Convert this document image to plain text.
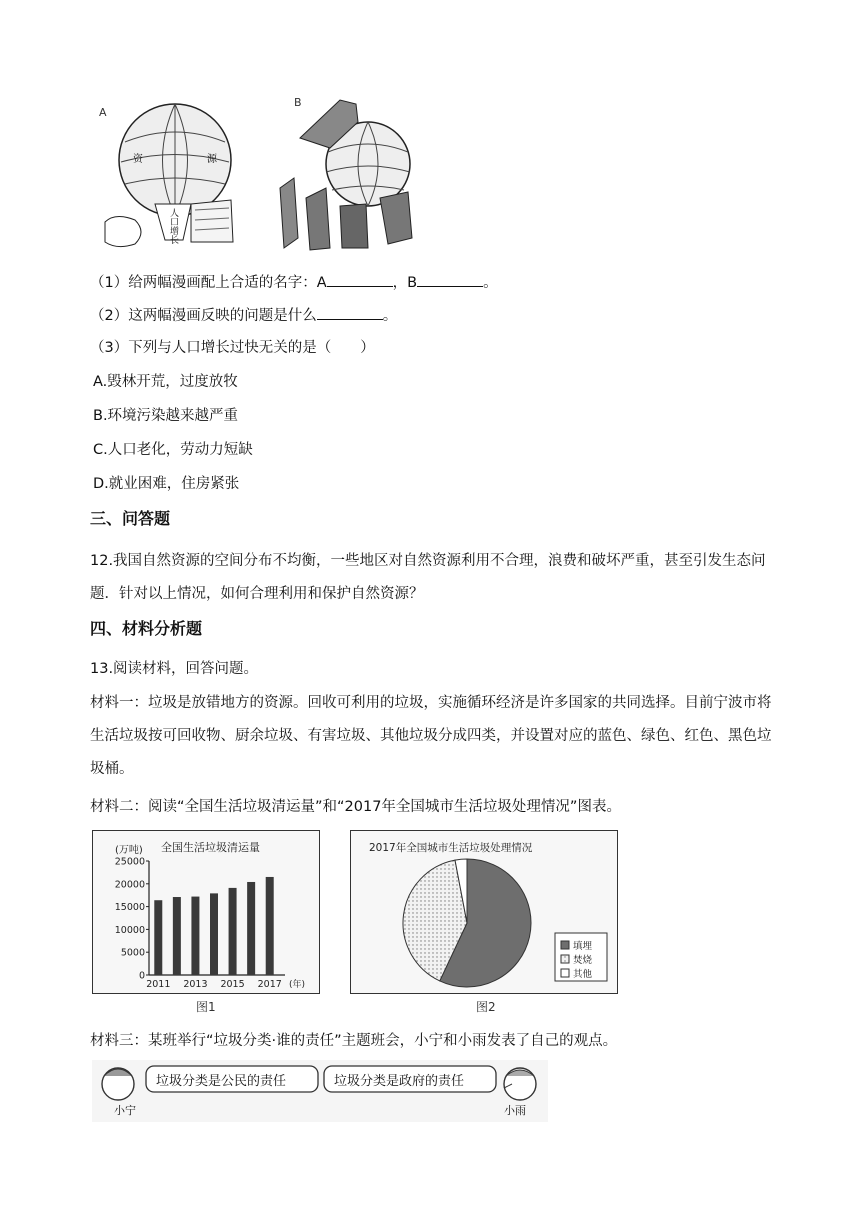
A
资	源
人口增长
B
（1）给两幅漫画配上合适的名字：A	，B	。
（2）这两幅漫画反映的问题是什么	。
（3）下列与人口增长过快无关的是（　　）
A.毁林开荒，过度放牧
B.环境污染越来越严重
C.人口老化，劳动力短缺
D.就业困难，住房紧张
三、问答题
12.我国自然资源的空间分布不均衡，一些地区对自然资源利用不合理，浪费和破坏严重，甚至引发生态问题．针对以上情况，如何合理利用和保护自然资源？
四、材料分析题
13.阅读材料，回答问题。
材料一：垃圾是放错地方的资源。回收可利用的垃圾，实施循环经济是许多国家的共同选择。目前宁波市将生活垃圾按可回收物、厨余垃圾、有害垃圾、其他垃圾分成四类，并设置对应的蓝色、绿色、红色、黑色垃圾桶。
材料二：阅读“全国生活垃圾清运量”和“2017年全国城市生活垃圾处理情况”图表。
(万吨) 全国生活垃圾清运量
(年)
0
5000
10000
15000
20000
25000
2011 2013 2015 2017
图1
2017年全国城市生活垃圾处理情况
填埋
焚烧
其他
图2
材料三：某班举行“垃圾分类·谁的责任”主题班会，小宁和小雨发表了自己的观点。
垃圾分类是公民的责任	垃圾分类是政府的责任
小宁	小雨
